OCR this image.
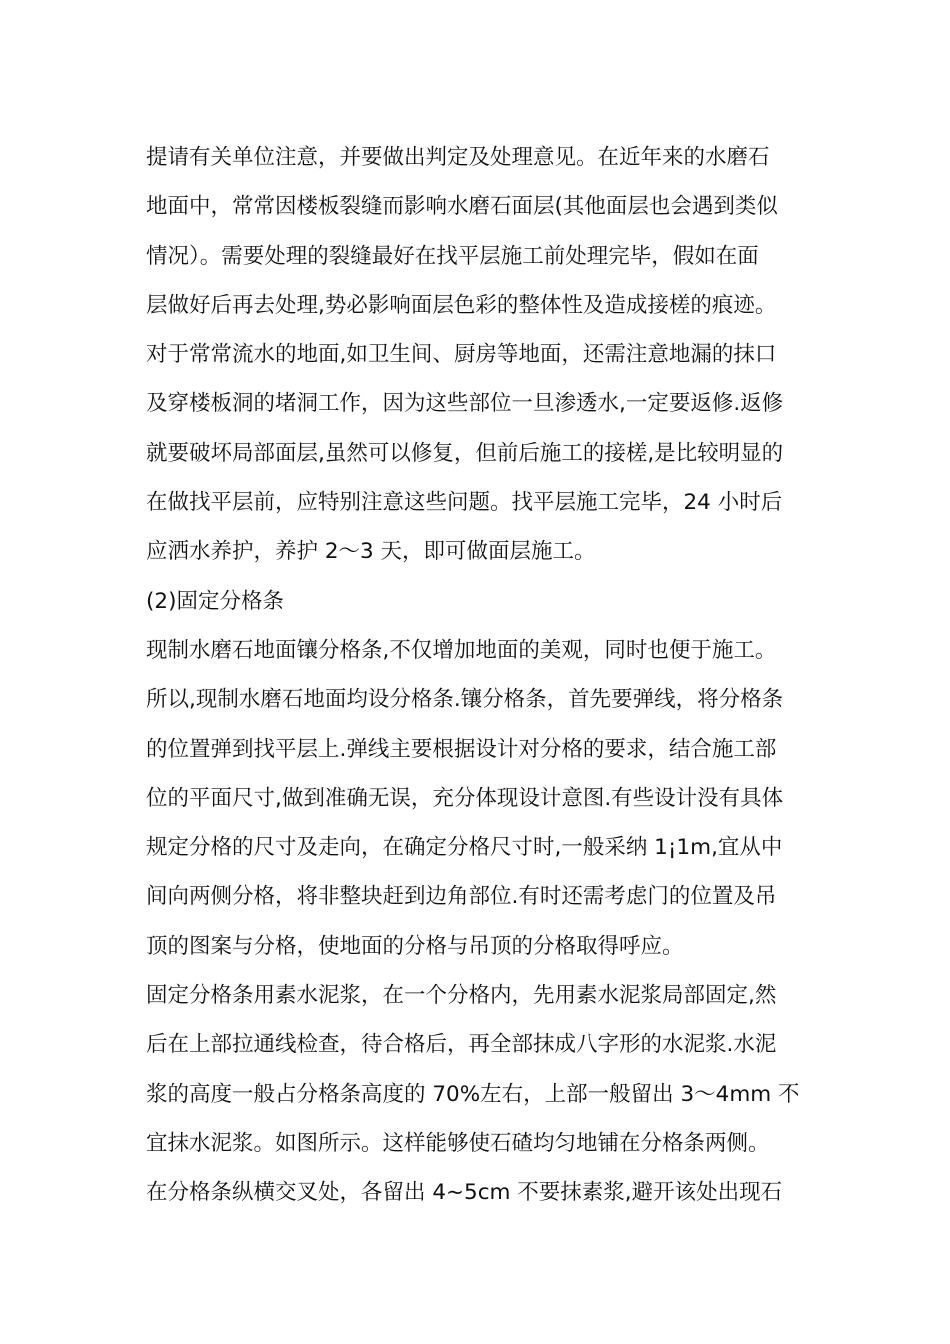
提请有关单位注意，并要做出判定及处理意见。在近年来的水磨石
地面中，常常因楼板裂缝而影响水磨石面层(其他面层也会遇到类似
情况）。需要处理的裂缝最好在找平层施工前处理完毕，假如在面
层做好后再去处理,势必影响面层色彩的整体性及造成接槎的痕迹。
对于常常流水的地面,如卫生间、厨房等地面，还需注意地漏的抹口
及穿楼板洞的堵洞工作，因为这些部位一旦渗透水,一定要返修.返修
就要破坏局部面层,虽然可以修复，但前后施工的接槎,是比较明显的
在做找平层前，应特别注意这些问题。找平层施工完毕，24 小时后
应洒水养护，养护 2～3 天，即可做面层施工。
(2)固定分格条
现制水磨石地面镶分格条,不仅增加地面的美观，同时也便于施工。
所以,现制水磨石地面均设分格条.镶分格条，首先要弹线，将分格条
的位置弹到找平层上.弹线主要根据设计对分格的要求，结合施工部
位的平面尺寸,做到准确无误，充分体现设计意图.有些设计没有具体
规定分格的尺寸及走向，在确定分格尺寸时,一般采纳 1¡1m,宜从中
间向两侧分格，将非整块赶到边角部位.有时还需考虑门的位置及吊
顶的图案与分格，使地面的分格与吊顶的分格取得呼应。
固定分格条用素水泥浆，在一个分格内，先用素水泥浆局部固定,然
后在上部拉通线检查，待合格后，再全部抹成八字形的水泥浆.水泥
浆的高度一般占分格条高度的 70%左右，上部一般留出 3～4mm 不
宜抹水泥浆。如图所示。这样能够使石碴均匀地铺在分格条两侧。
在分格条纵横交叉处，各留出 4~5cm 不要抹素浆,避开该处出现石
